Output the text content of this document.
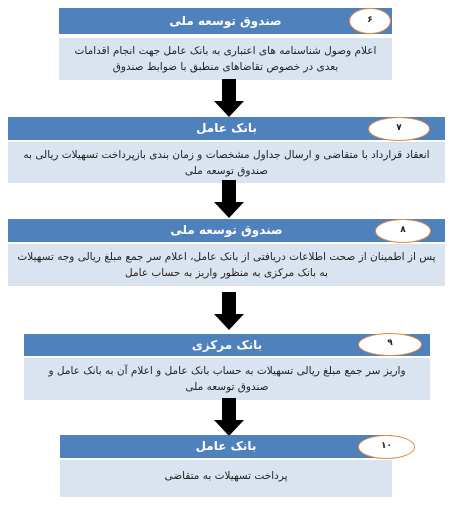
صندوق توسعه ملی	۶
اعلام وصول شناسنامه های اعتباری به بانک عامل جهت انجام اقدامات بعدی در خصوص تقاضاهای منطبق با ضوابط صندوق
بانک عامل	۷
انعقاد قرارداد با متقاضی و ارسال جداول مشخصات و زمان بندی بازپرداخت تسهیلات ریالی به صندوق توسعه ملی
صندوق توسعه ملی	۸
پس از اطمینان از صحت اطلاعات دریافتی از بانک عامل، اعلام سر جمع مبلغ ریالی وجه تسهیلات به بانک مرکزی به منظور واریز به حساب عامل
بانک مرکزی	۹
واریز سر جمع مبلغ ریالی تسهیلات به حساب بانک عامل و اعلام آن به بانک عامل و صندوق توسعه ملی
بانک عامل	۱۰
پرداخت تسهیلات به متقاضی
